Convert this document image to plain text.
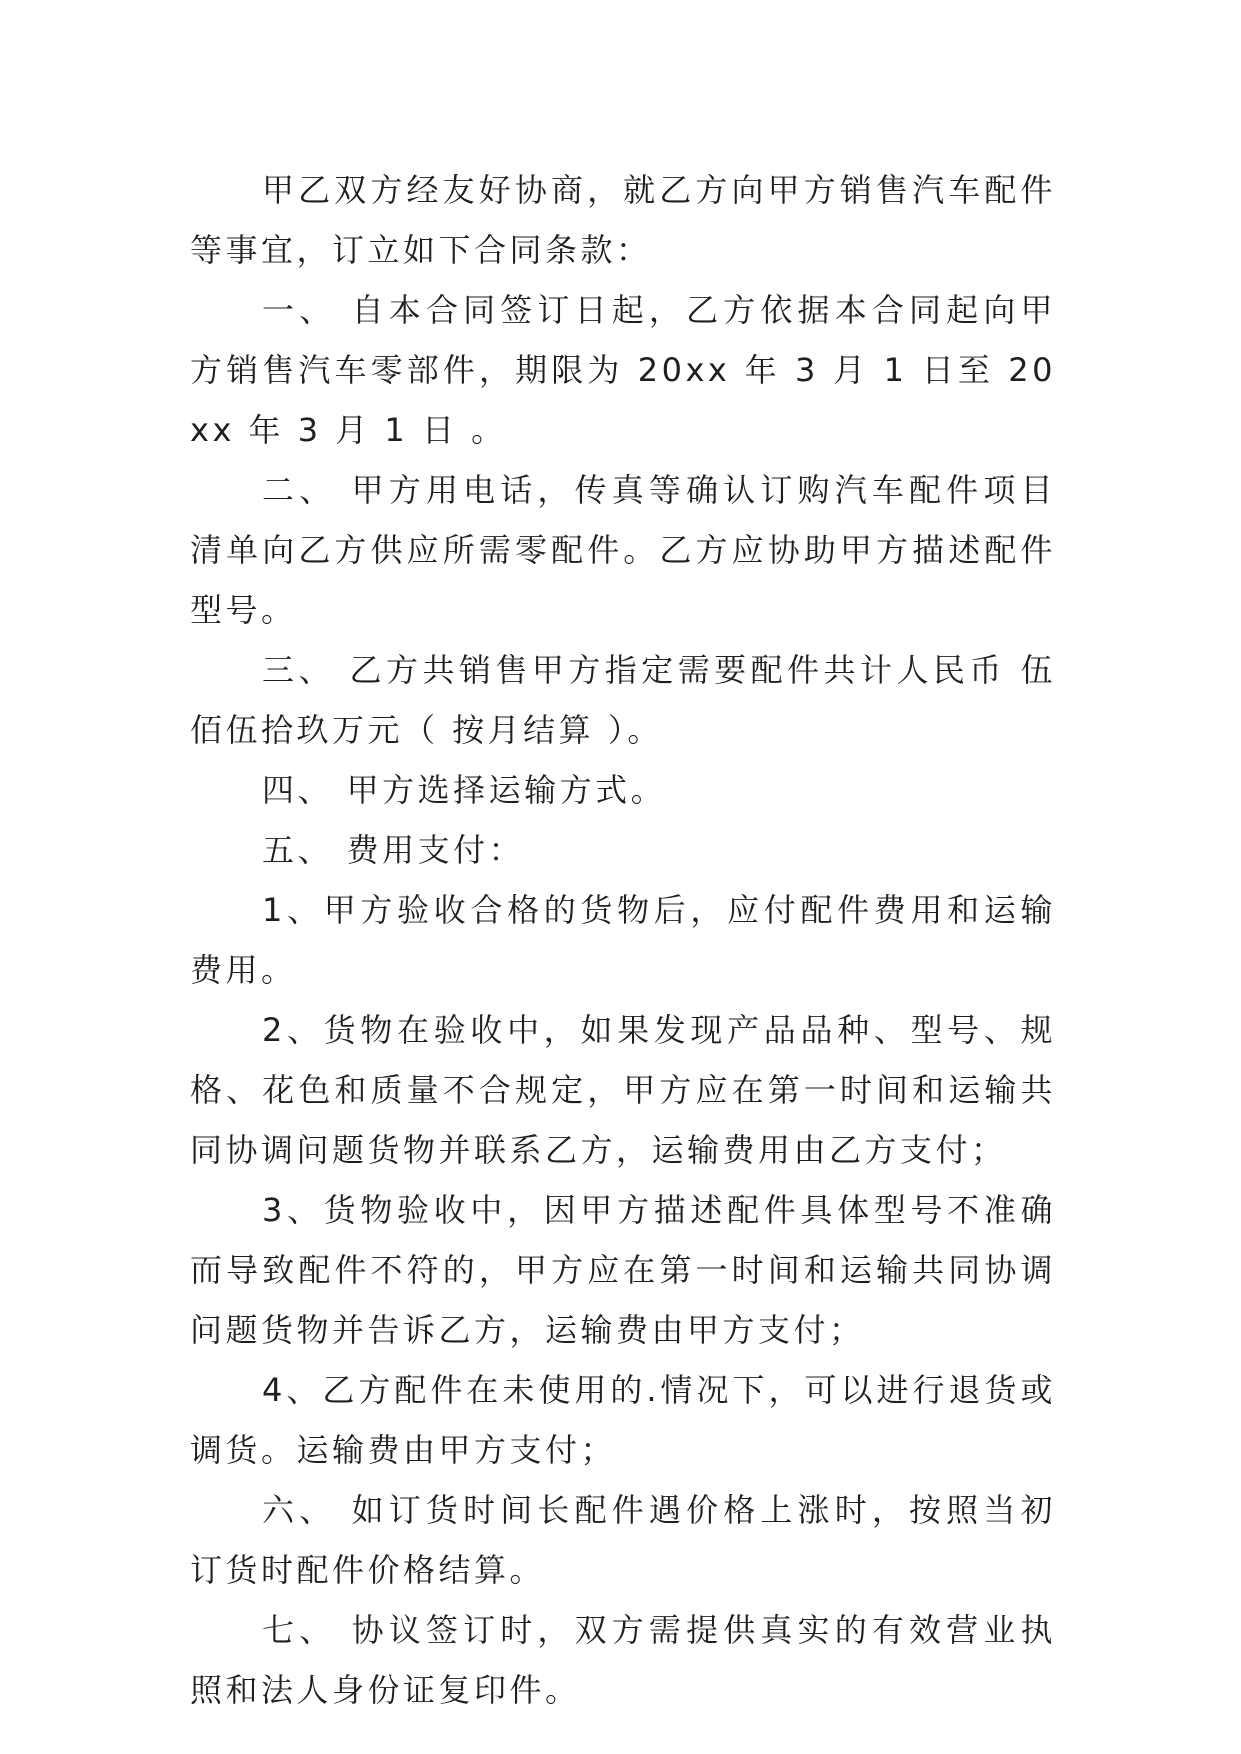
甲乙双方经友好协商，就乙方向甲方销售汽车配件等事宜，订立如下合同条款：

一、 自本合同签订日起，乙方依据本合同起向甲方销售汽车零部件，期限为 20xx 年 3 月 1 日至 20xx 年 3 月 1 日 。

二、 甲方用电话，传真等确认订购汽车配件项目清单向乙方供应所需零配件。乙方应协助甲方描述配件型号。

三、 乙方共销售甲方指定需要配件共计人民币 伍佰伍拾玖万元（ 按月结算 ）。

四、 甲方选择运输方式。

五、 费用支付：

1、甲方验收合格的货物后，应付配件费用和运输费用。

2、货物在验收中，如果发现产品品种、型号、规格、花色和质量不合规定，甲方应在第一时间和运输共同协调问题货物并联系乙方，运输费用由乙方支付；

3、货物验收中，因甲方描述配件具体型号不准确而导致配件不符的，甲方应在第一时间和运输共同协调问题货物并告诉乙方，运输费由甲方支付；

4、乙方配件在未使用的.情况下，可以进行退货或调货。运输费由甲方支付；

六、 如订货时间长配件遇价格上涨时，按照当初订货时配件价格结算。

七、 协议签订时，双方需提供真实的有效营业执照和法人身份证复印件。
